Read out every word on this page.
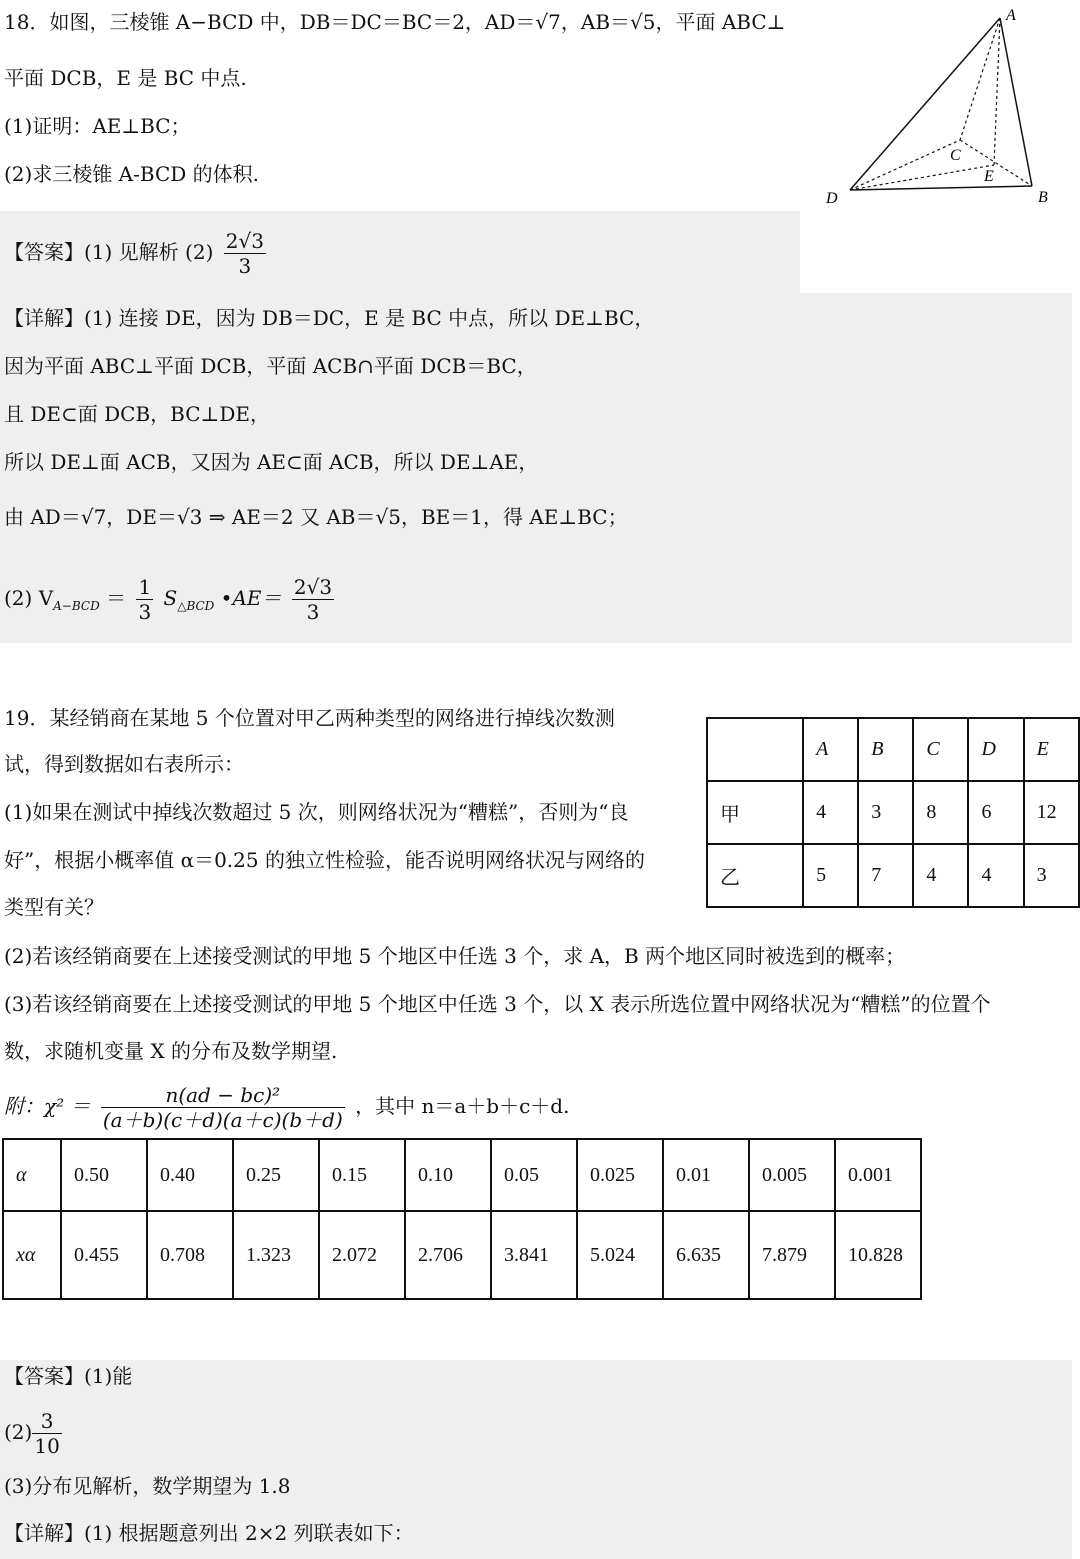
18．如图，三棱锥 A−BCD 中，DB＝DC＝BC＝2，AD＝√7，AB＝√5，平面 ABC⊥
平面 DCB，E 是 BC 中点.
(1)证明：AE⊥BC；
(2)求三棱锥 A-BCD 的体积.
A
B
C
D
E
【答案】(1) 见解析 $(2) \frac{2√3}{3}$
【详解】(1) 连接 DE，因为 DB＝DC，E 是 BC 中点，所以 DE⊥BC，
因为平面 ABC⊥平面 DCB，平面 ACB∩平面 DCB＝BC，
且 DE⊂面 DCB，BC⊥DE，
所以 DE⊥面 ACB，又因为 AE⊂面 ACB，所以 DE⊥AE，
由 AD＝√7，DE＝√3 ⇒ AE＝2 又 AB＝√5，BE＝1，得 AE⊥BC；
(2) $V_{A-BCD} = \frac{1}{3} S_{\triangle BCD}$ •AE＝ $\frac{2√3}{3}$
19．某经销商在某地 5 个位置对甲乙两种类型的网络进行掉线次数测
试，得到数据如右表所示：
(1)如果在测试中掉线次数超过 5 次，则网络状况为“糟糕”，否则为“良
好”，根据小概率值 α＝0.25 的独立性检验，能否说明网络状况与网络的
类型有关？
(2)若该经销商要在上述接受测试的甲地 5 个地区中任选 3 个，求 A，B 两个地区同时被选到的概率；
(3)若该经销商要在上述接受测试的甲地 5 个地区中任选 3 个，以 X 表示所选位置中网络状况为“糟糕”的位置个
数，求随机变量 X 的分布及数学期望.
	A	B	C	D	E
甲	4	3	8	6	12
乙	5	7	4	4	3
附：$\chi^2 = \frac{\text{n(ad − bc)²}}{(a+b)(c+d)(a+c)(b+d)}$ ，其中 n＝a＋b＋c＋d.
α	0.50	0.40	0.25	0.15	0.10	0.05	0.025	0.01	0.005	0.001
xα	0.455	0.708	1.323	2.072	2.706	3.841	5.024	6.635	7.879	10.828
【答案】(1)能
$(2) \frac{3}{10}$
(3)分布见解析，数学期望为 1.8
【详解】(1) 根据题意列出 2×2 列联表如下：
